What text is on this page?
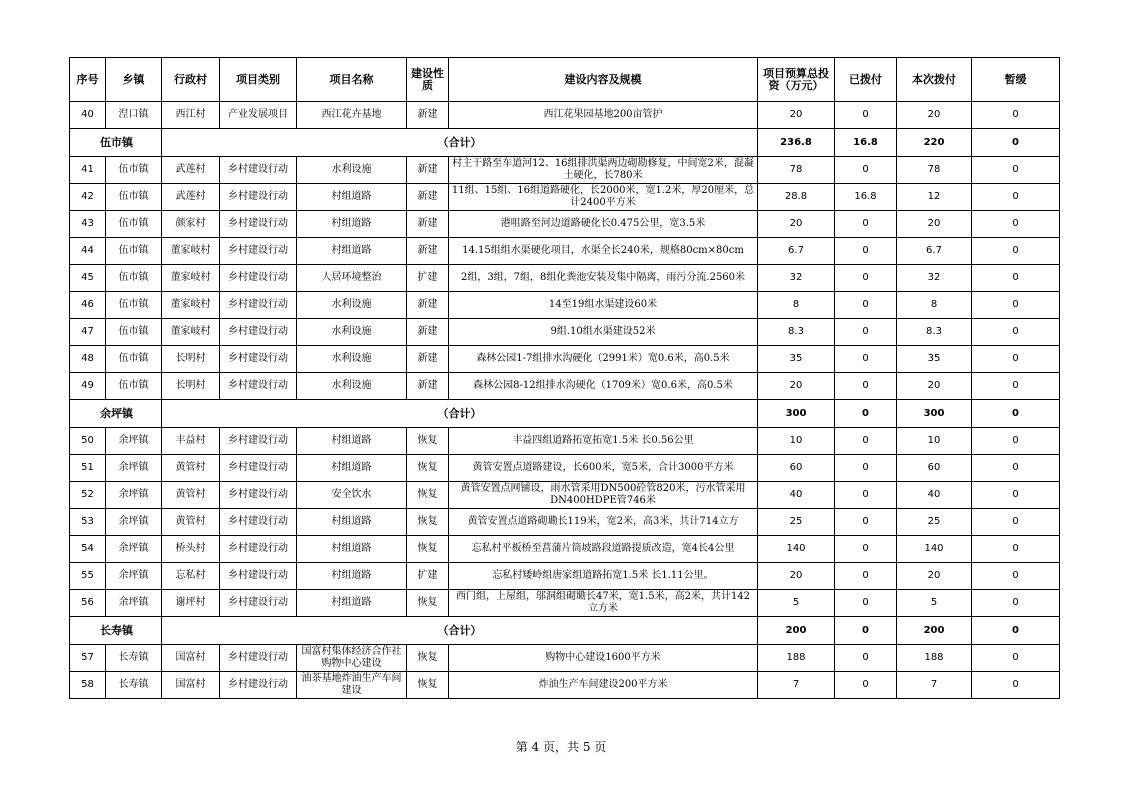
序号	乡镇	行政村	项目类别	项目名称	建设性质	建设内容及规模	项目预算总投资（万元）	已拨付	本次拨付	暂缓
40	湼口镇	西江村	产业发展项目	西江花卉基地	新建	西江花果园基地200亩管护	20	0	20	0
伍市镇		（合计）					236.8	16.8	220	0
41	伍市镇	武莲村	乡村建设行动	水利设施	新建	村主干路至车道河12、16组排洪渠两边砌勘修复，中间宽2米，混凝土硬化，长780米	78	0	78	0
42	伍市镇	武莲村	乡村建设行动	村组道路	新建	11组、15组、16组道路硬化，长2000米，宽1.2米，厚20厘米，总计2400平方米	28.8	16.8	12	0
43	伍市镇	颜家村	乡村建设行动	村组道路	新建	港咀路至河边道路硬化长0.475公里，宽3.5米	20	0	20	0
44	伍市镇	董家岐村	乡村建设行动	村组道路	新建	14.15组组水渠硬化项目，水渠全长240米，规格80cm×80cm	6.7	0	6.7	0
45	伍市镇	董家岐村	乡村建设行动	人居环境整治	扩建	2组，3组，7组，8组化粪池安装及集中隔离，雨污分流.2560米	32	0	32	0
46	伍市镇	董家岐村	乡村建设行动	水利设施	新建	14至19组水渠建设60米	8	0	8	0
47	伍市镇	董家岐村	乡村建设行动	水利设施	新建	9组.10组水渠建设52米	8.3	0	8.3	0
48	伍市镇	长明村	乡村建设行动	水利设施	新建	森林公园1-7组排水沟硬化（2991米）宽0.6米，高0.5米	35	0	35	0
49	伍市镇	长明村	乡村建设行动	水利设施	新建	森林公园8-12组排水沟硬化（1709米）宽0.6米，高0.5米	20	0	20	0
余坪镇		（合计）					300	0	300	0
50	余坪镇	丰益村	乡村建设行动	村组道路	恢复	丰益四组道路拓宽拓宽1.5米 长0.56公里	10	0	10	0
51	余坪镇	黄管村	乡村建设行动	村组道路	恢复	黄管安置点道路建设，长600米，宽5米，合计3000平方米	60	0	60	0
52	余坪镇	黄管村	乡村建设行动	安全饮水	恢复	黄管安置点网铺设，雨水管采用DN500砼管820米，污水管采用DN400HDPE管746米	40	0	40	0
53	余坪镇	黄管村	乡村建设行动	村组道路	恢复	黄管安置点道路砌墈长119米，宽2米，高3米，共计714立方	25	0	25	0
54	余坪镇	桥头村	乡村建设行动	村组道路	恢复	忘私村平板桥至菖蒲片筒坡路段道路提质改造，宽4长4公里	140	0	140	0
55	余坪镇	忘私村	乡村建设行动	村组道路	扩建	忘私村矮岭组唐家组道路拓宽1.5米 长1.11公里。	20	0	20	0
56	余坪镇	谢坪村	乡村建设行动	村组道路	恢复	西门组，上屋组，邬洞组砌墈长47米，宽1.5米，高2米，共计142立方米	5	0	5	0
长寿镇		（合计）					200	0	200	0
57	长寿镇	国富村	乡村建设行动	国富村集体经济合作社购物中心建设	恢复	购物中心建设1600平方米	188	0	188	0
58	长寿镇	国富村	乡村建设行动	油茶基地炸油生产车间建设	恢复	炸油生产车间建设200平方米	7	0	7	0
第 4 页，共 5 页
